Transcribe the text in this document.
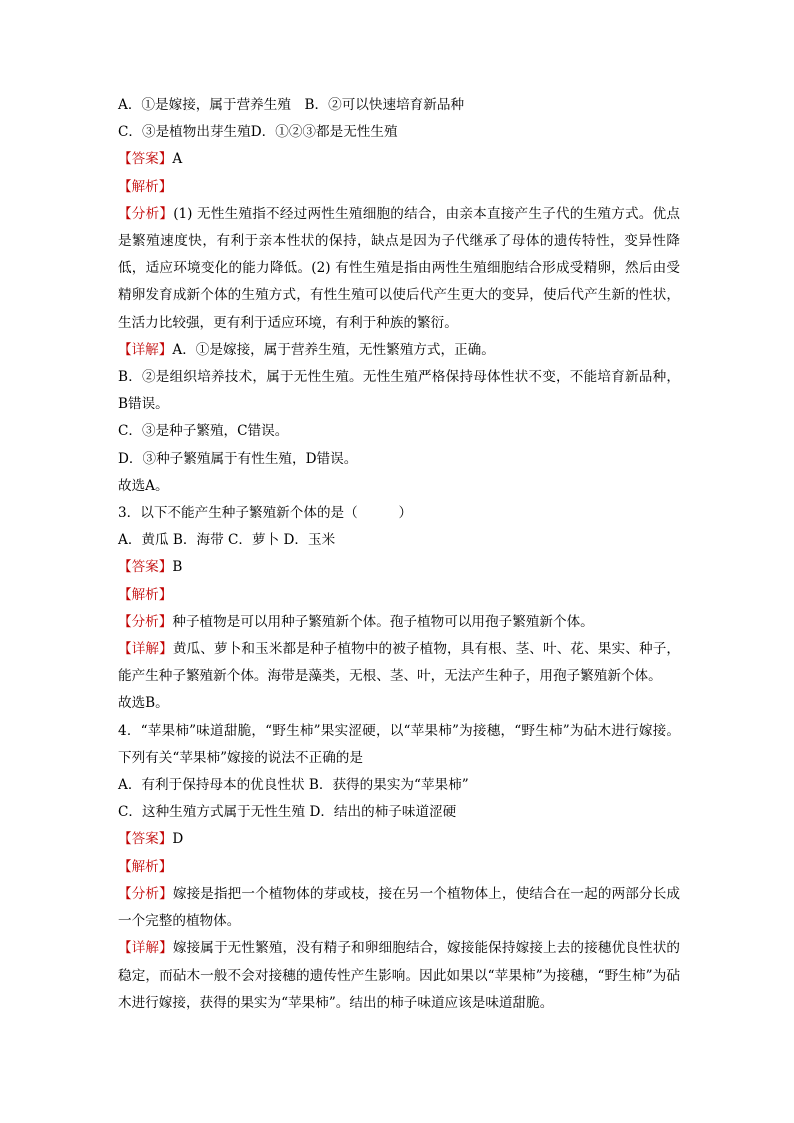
A．①是嫁接，属于营养生殖　B．②可以快速培育新品种
C．③是植物出芽生殖D．①②③都是无性生殖
【答案】A
【解析】
【分析】(1) 无性生殖指不经过两性生殖细胞的结合，由亲本直接产生子代的生殖方式。优点是繁殖速度快，有利于亲本性状的保持，缺点是因为子代继承了母体的遗传特性，变异性降低，适应环境变化的能力降低。(2) 有性生殖是指由两性生殖细胞结合形成受精卵，然后由受精卵发育成新个体的生殖方式，有性生殖可以使后代产生更大的变异，使后代产生新的性状，生活力比较强，更有利于适应环境，有利于种族的繁衍。
【详解】A．①是嫁接，属于营养生殖，无性繁殖方式，正确。
B．②是组织培养技术，属于无性生殖。无性生殖严格保持母体性状不变，不能培育新品种，B错误。
C．③是种子繁殖，C错误。
D．③种子繁殖属于有性生殖，D错误。
故选A。
3．以下不能产生种子繁殖新个体的是（　　　）
A．黄瓜 B．海带 C．萝卜 D．玉米
【答案】B
【解析】
【分析】种子植物是可以用种子繁殖新个体。孢子植物可以用孢子繁殖新个体。
【详解】黄瓜、萝卜和玉米都是种子植物中的被子植物，具有根、茎、叶、花、果实、种子，能产生种子繁殖新个体。海带是藻类，无根、茎、叶，无法产生种子，用孢子繁殖新个体。
故选B。
4．“苹果柿”味道甜脆，“野生柿”果实涩硬，以“苹果柿”为接穗，“野生柿”为砧木进行嫁接。下列有关“苹果柿”嫁接的说法不正确的是
A．有利于保持母本的优良性状 B．获得的果实为“苹果柿”
C．这种生殖方式属于无性生殖 D．结出的柿子味道涩硬
【答案】D
【解析】
【分析】嫁接是指把一个植物体的芽或枝，接在另一个植物体上，使结合在一起的两部分长成一个完整的植物体。
【详解】嫁接属于无性繁殖，没有精子和卵细胞结合，嫁接能保持嫁接上去的接穗优良性状的稳定，而砧木一般不会对接穗的遗传性产生影响。因此如果以“苹果柿”为接穗，“野生柿”为砧木进行嫁接，获得的果实为“苹果柿”。结出的柿子味道应该是味道甜脆。
